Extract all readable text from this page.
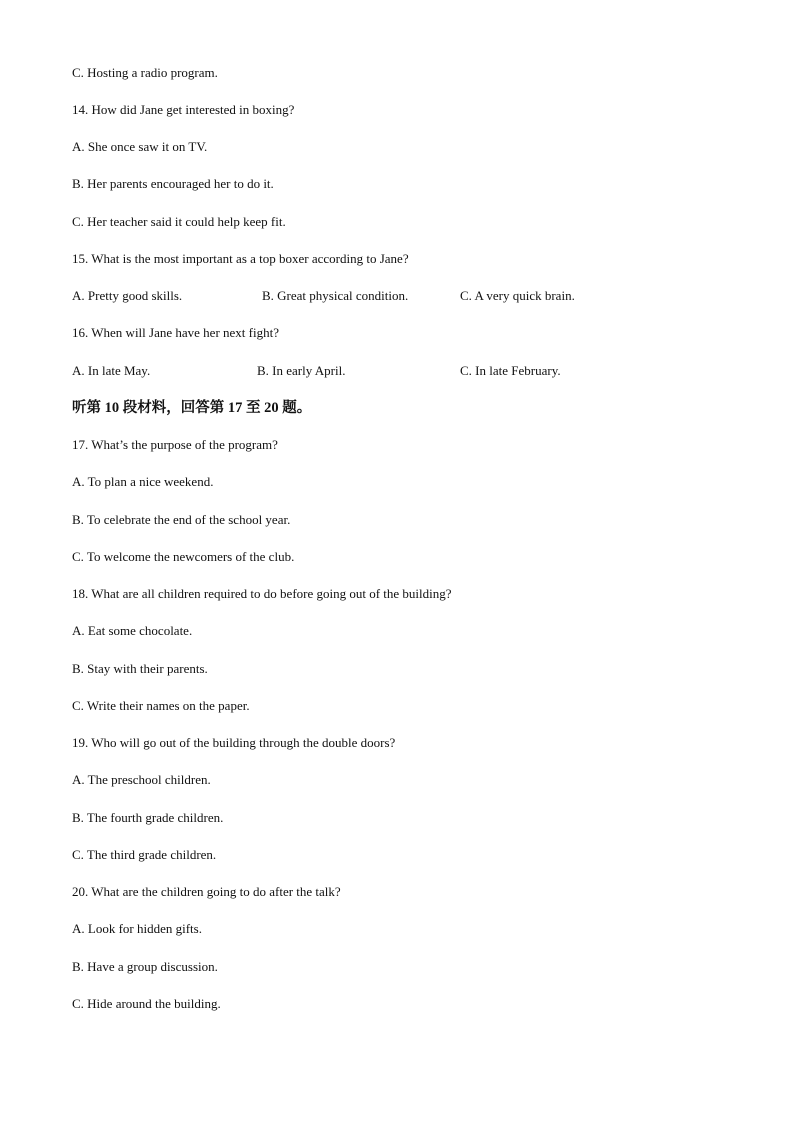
C. Hosting a radio program.
14. How did Jane get interested in boxing?
A. She once saw it on TV.
B. Her parents encouraged her to do it.
C. Her teacher said it could help keep fit.
15. What is the most important as a top boxer according to Jane?
A. Pretty good skills.	B. Great physical condition.	C. A very quick brain.
16. When will Jane have her next fight?
A. In late May.	B. In early April.	C. In late February.
听第 10 段材料，回答第 17 至 20 题。
17. What’s the purpose of the program?
A. To plan a nice weekend.
B. To celebrate the end of the school year.
C. To welcome the newcomers of the club.
18. What are all children required to do before going out of the building?
A. Eat some chocolate.
B. Stay with their parents.
C. Write their names on the paper.
19. Who will go out of the building through the double doors?
A. The preschool children.
B. The fourth grade children.
C. The third grade children.
20. What are the children going to do after the talk?
A. Look for hidden gifts.
B. Have a group discussion.
C. Hide around the building.
